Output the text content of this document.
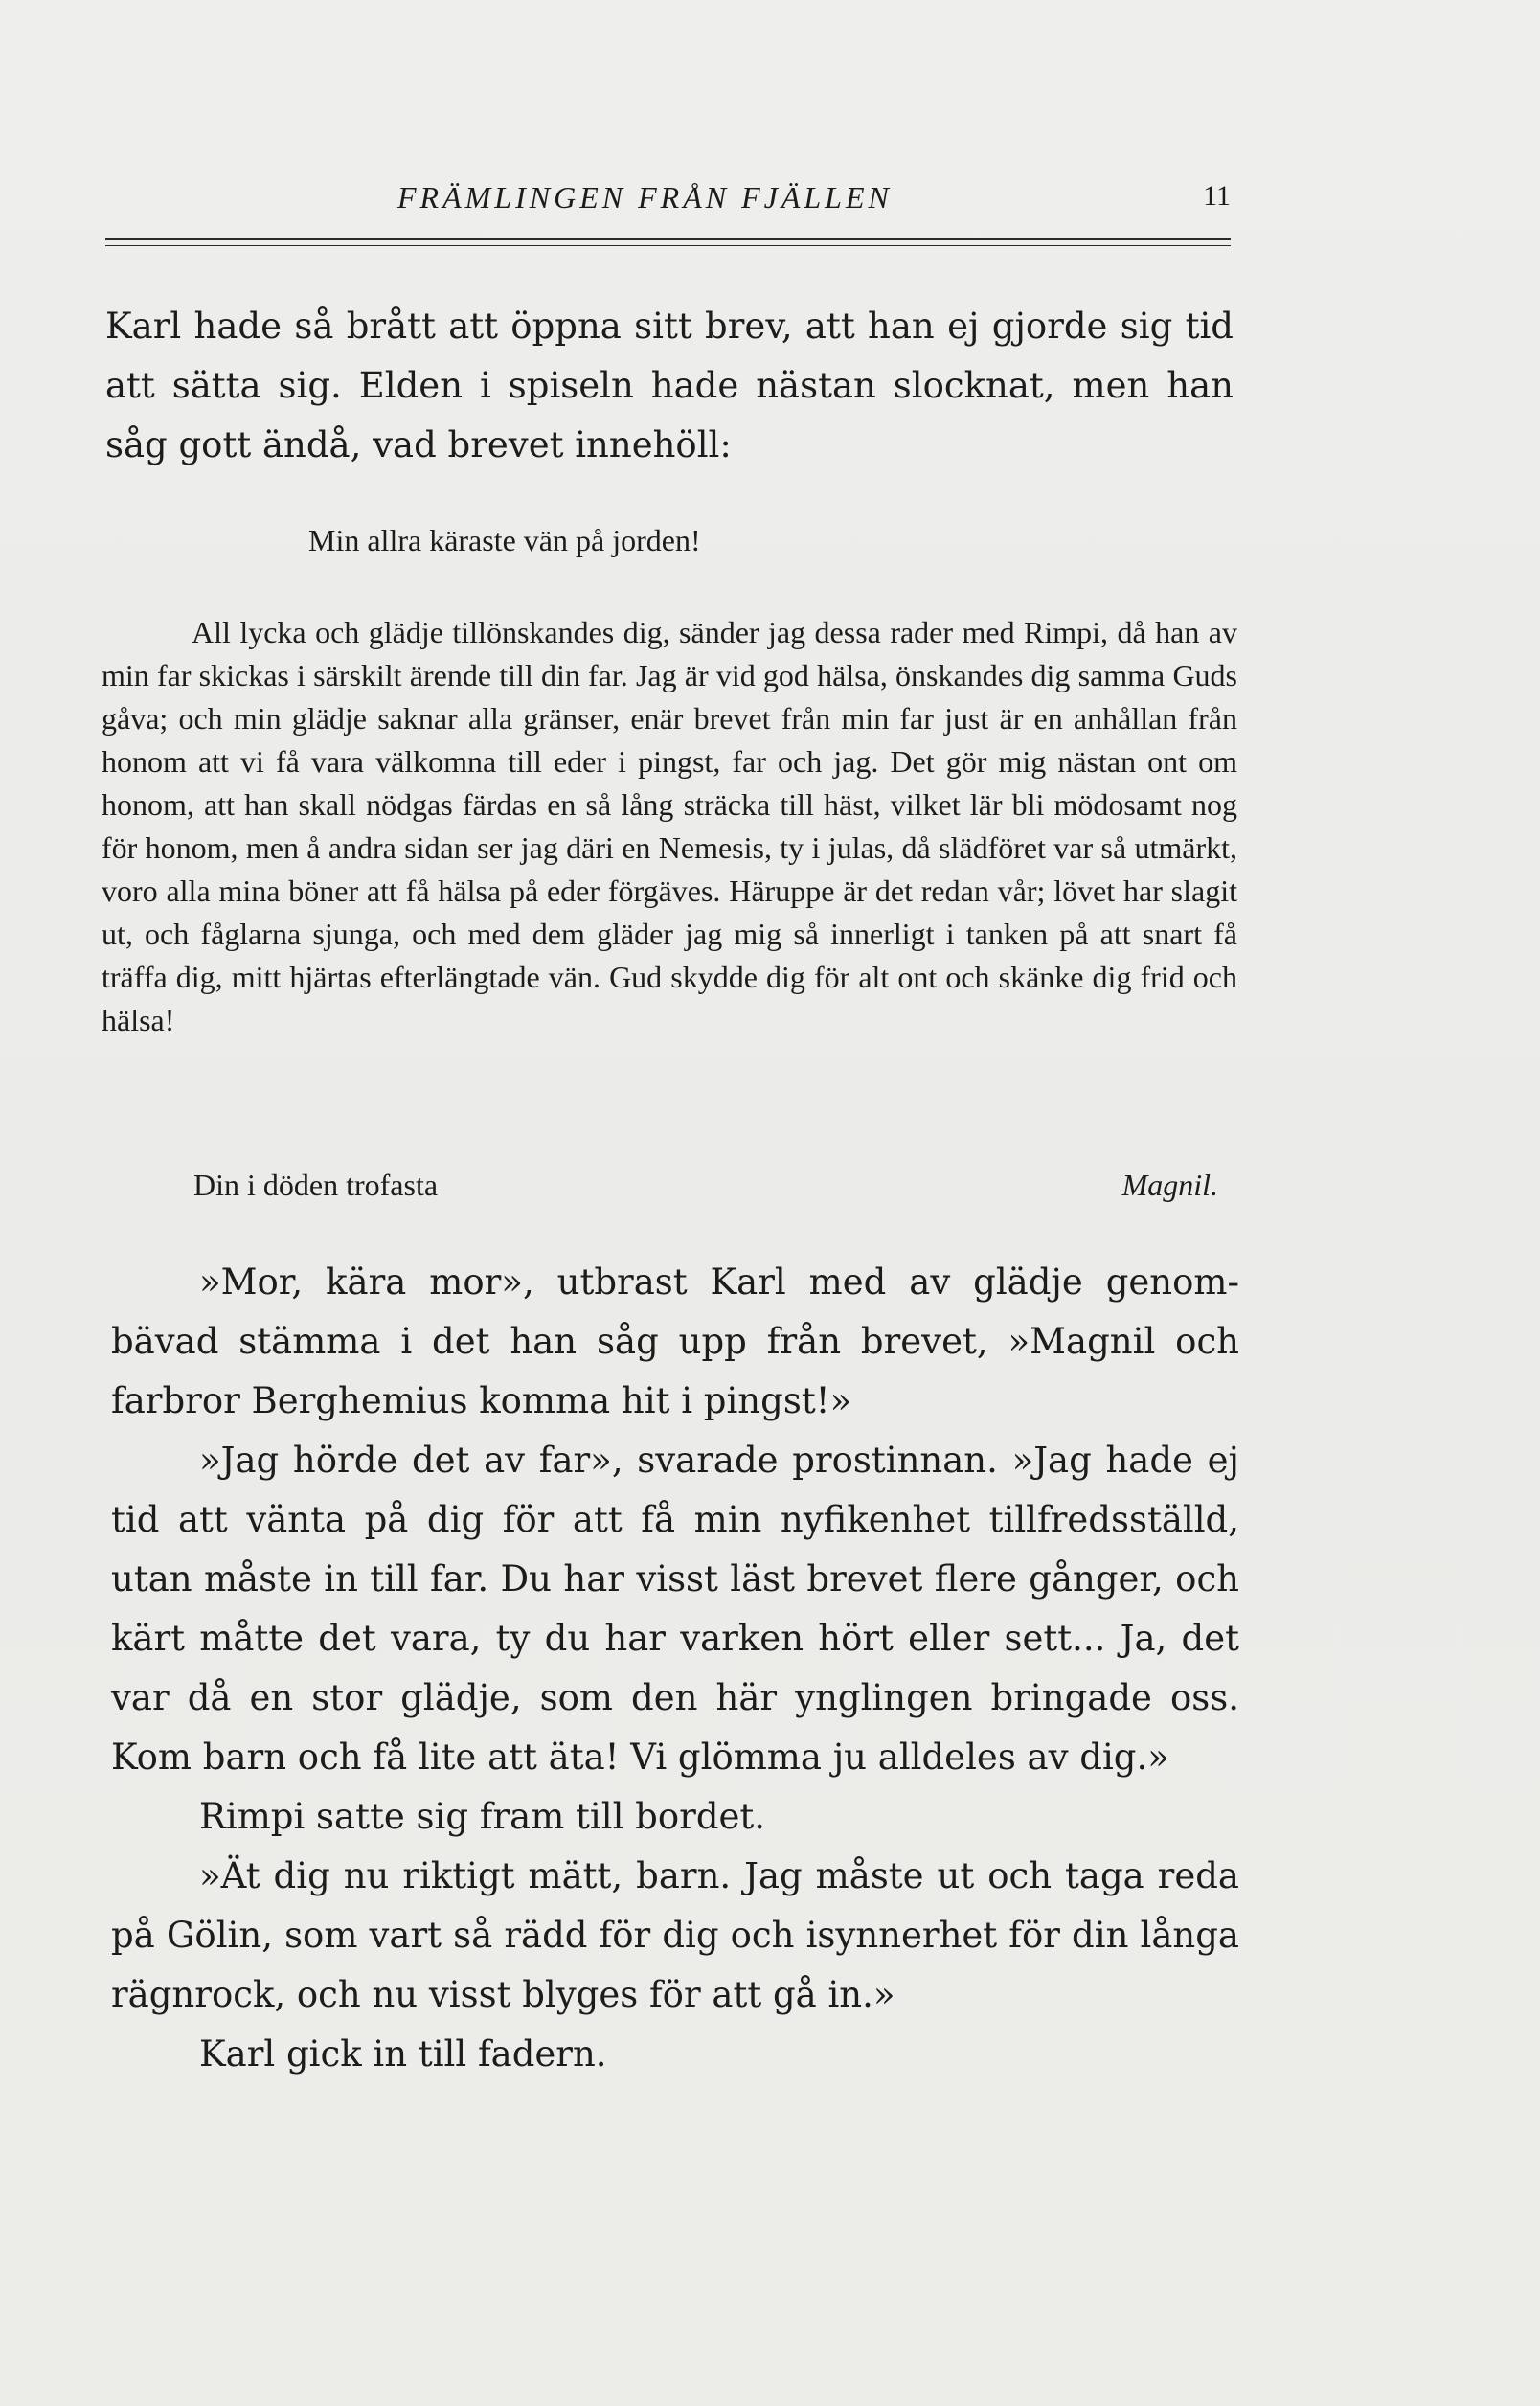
FRÄMLINGEN FRÅN FJÄLLEN	11
Karl hade så brått att öppna sitt brev, att han ej gjorde sig tid att sätta sig. Elden i spiseln hade nästan slocknat, men han såg gott ändå, vad brevet innehöll:
Min allra käraste vän på jorden!

All lycka och glädje tillönskandes dig, sänder jag dessa rader med Rimpi, då han av min far skickas i särskilt ärende till din far. Jag är vid god hälsa, önskandes dig samma Guds gåva; och min glädje saknar alla gränser, enär brevet från min far just är en anhållan från honom att vi få vara välkomna till eder i pingst, far och jag. Det gör mig nästan ont om honom, att han skall nödgas färdas en så lång sträcka till häst, vilket lär bli mödosamt nog för honom, men å andra sidan ser jag däri en Nemesis, ty i julas, då slädföret var så utmärkt, voro alla mina böner att få hälsa på eder förgäves. Häruppe är det redan vår; lövet har slagit ut, och fåglarna sjunga, och med dem gläder jag mig så innerligt i tanken på att snart få träffa dig, mitt hjärtas efterlängtade vän. Gud skydde dig för alt ont och skänke dig frid och hälsa!

Din i döden trofasta	Magnil.

»Mor, kära mor», utbrast Karl med av glädje genombävad stämma i det han såg upp från brevet, »Magnil och farbror Berghemius komma hit i pingst!»

»Jag hörde det av far», svarade prostinnan. »Jag hade ej tid att vänta på dig för att få min nyfikenhet tillfredsställd, utan måste in till far. Du har visst läst brevet flere gånger, och kärt måtte det vara, ty du har varken hört eller sett... Ja, det var då en stor glädje, som den här ynglingen bringade oss. Kom barn och få lite att äta! Vi glömma ju alldeles av dig.»

Rimpi satte sig fram till bordet.

»Ät dig nu riktigt mätt, barn. Jag måste ut och taga reda på Gölin, som vart så rädd för dig och isynnerhet för din långa rägnrock, och nu visst blyges för att gå in.»

Karl gick in till fadern.
